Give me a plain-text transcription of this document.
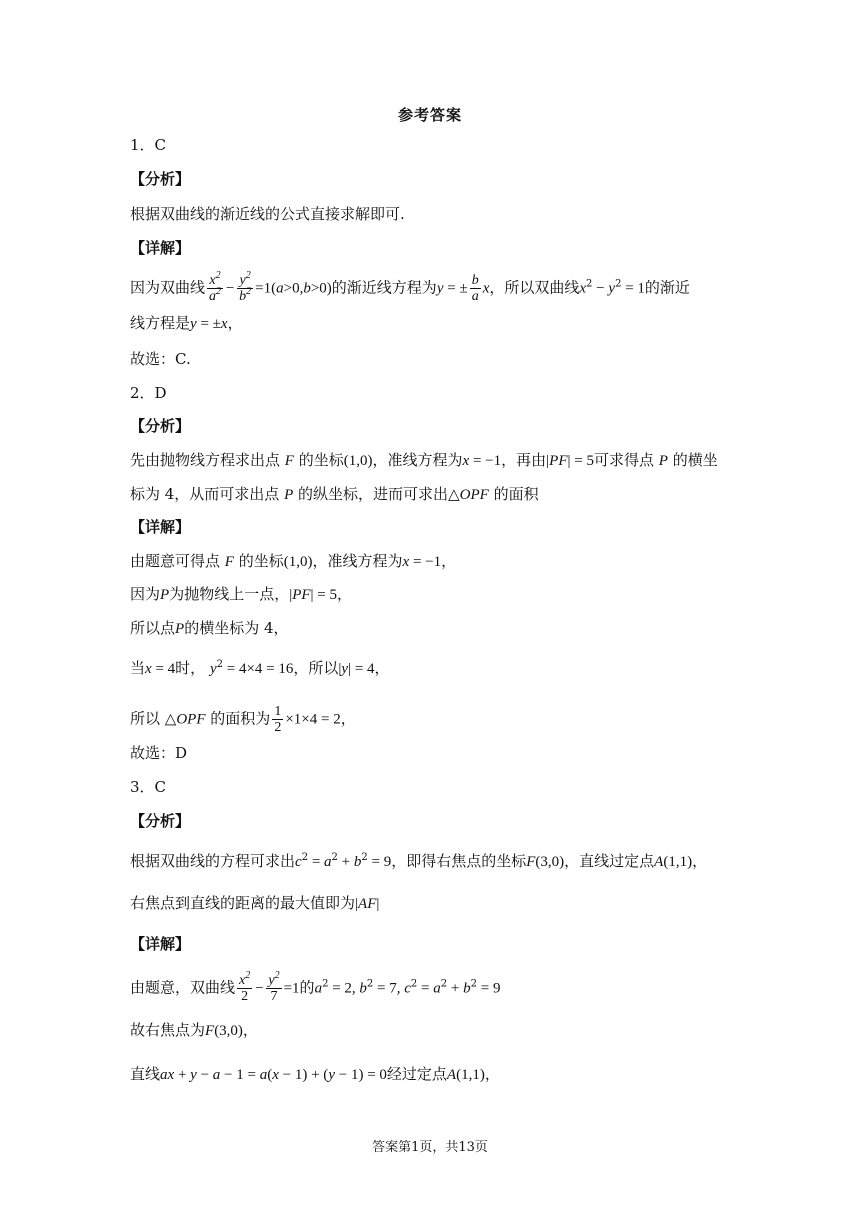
参考答案
1．C
【分析】
根据双曲线的渐近线的公式直接求解即可.
【详解】
因为双曲线 $\frac{x^2}{a^2} - \frac{y^2}{b^2} =1(a>0,b>0)$的渐近线方程为y = ± $\frac{b}{a}$ x，所以双曲线$x^2 - y^2 = 1$的渐近
线方程是y = ±x，
故选：C.
2．D
【分析】
先由抛物线方程求出点 F 的坐标(1,0)，准线方程为x = −1，再由|PF| = 5可求得点 P 的横坐
标为 4，从而可求出点 P 的纵坐标，进而可求出△OPF 的面积
【详解】
由题意可得点 F 的坐标(1,0)，准线方程为x = −1，
因为P为抛物线上一点，|PF| = 5，
所以点P的横坐标为 4，
当x = 4时， $y^2 = 4\times 4 = 16$，所以|y| = 4，
所以 △OPF 的面积为 $\frac{1}{2} \times 1\times 4 = 2$，
故选：D
3．C
【分析】
根据双曲线的方程可求出$c^2 = a^2 + b^2 = 9$，即得右焦点的坐标F(3,0)，直线过定点A(1,1)，
右焦点到直线的距离的最大值即为|AF|
【详解】
由题意，双曲线 $\frac{x^2}{2} - \frac{y^2}{7} =1$的$a^2 = 2$, $b^2 = 7$, $c^2 = a^2 + b^2 = 9$
故右焦点为F(3,0)，
直线ax + y − a − 1 = a(x − 1) + (y − 1) = 0经过定点A(1,1)，
答案第1页，共13页
